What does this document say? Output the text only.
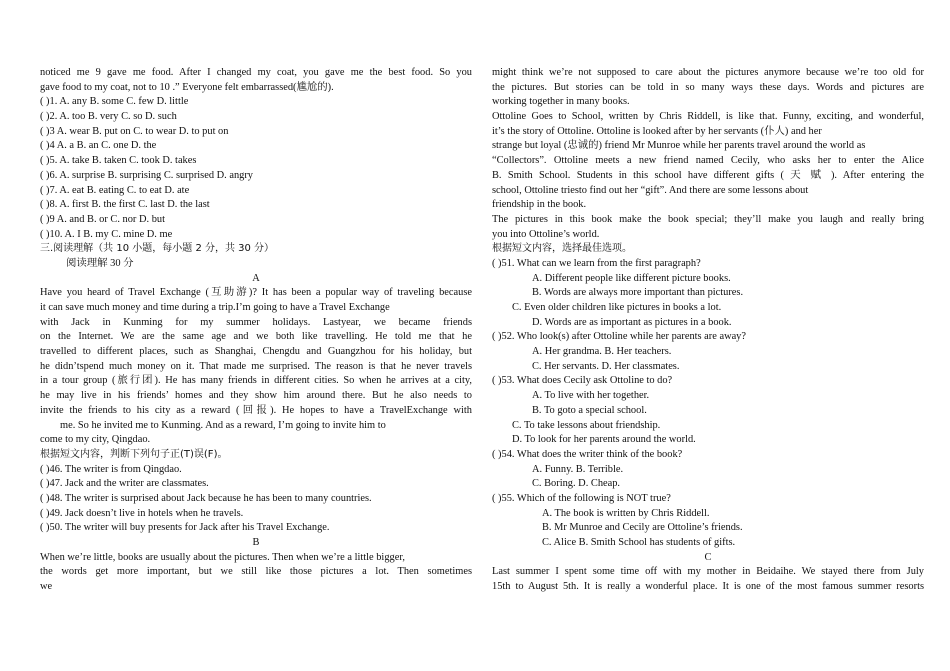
noticed me 9 gave me food. After I changed my coat, you gave me the best food. So you
gave food to my coat, not to 10 .” Everyone felt embarrassed(尴尬的).
( )1. A. any B. some C. few D. little
( )2. A. too B. very C. so D. such
( )3 A. wear B. put on C. to wear D. to put on
( )4 A. a B. an C. one D. the
( )5. A. take B. taken C. took D. takes
( )6. A. surprise B. surprising C. surprised D. angry
( )7. A. eat B. eating C. to eat D. ate
( )8. A. first B. the first C. last D. the last
( )9 A. and B. or C. nor D. but
( )10. A. I B. my C. mine D. me
三.阅读理解（共 10 小题，每小题 2 分，共 30 分）
阅读理解 30 分
A
Have you heard of Travel Exchange (互助游)? It has been a popular way of traveling because
it can save much money and time during a trip.I’m going to have a Travel Exchange
with Jack in Kunming for my summer holidays. Lastyear, we became friends
on the Internet. We are the same age and we both like travelling. He told me that he
travelled to different places, such as Shanghai, Chengdu and Guangzhou for his holiday, but
he didn’tspend much money on it. That made me surprised. The reason is that he never travels
in a tour group (旅行团). He has many friends in different cities. So when he arrives at a city,
he may live in his friends’ homes and they show him around there. But he also needs to
invite the friends to his city as a reward (回报). He hopes to have a TravelExchange with
me. So he invited me to Kunming. And as a reward, I’m going to invite him to
come to my city, Qingdao.
根据短文内容，判断下列句子正(T)误(F)。
( )46. The writer is from Qingdao.
( )47. Jack and the writer are classmates.
( )48. The writer is surprised about Jack because he has been to many countries.
( )49. Jack doesn’t live in hotels when he travels.
( )50. The writer will buy presents for Jack after his Travel Exchange.
B
When we’re little, books are usually about the pictures. Then when we’re a little bigger,
the words get more important, but we still like those pictures a lot. Then sometimes
we
might think we’re not supposed to care about the pictures anymore because we’re too old for
the pictures. But stories can be told in so many ways these days. Words and pictures are
working together in many books.
Ottoline Goes to School, written by Chris Riddell, is like that. Funny, exciting, and wonderful,
it’s the story of Ottoline. Ottoline is looked after by her servants (仆人) and her
strange but loyal (忠诚的) friend Mr Munroe while her parents travel around the world as
“Collectors”. Ottoline meets a new friend named Cecily, who asks her to enter the Alice
B. Smith School. Students in this school have different gifts ( 天 赋 ). After entering the
school, Ottoline triesto find out her “gift”. And there are some lessons about
friendship in the book.
The pictures in this book make the book special; they’ll make you laugh and really bring
you into Ottoline’s world.
根据短文内容，选择最佳选项。
( )51. What can we learn from the first paragraph?
A. Different people like different picture books.
B. Words are always more important than pictures.
C. Even older children like pictures in books a lot.
D. Words are as important as pictures in a book.
( )52. Who look(s) after Ottoline while her parents are away?
A. Her grandma. B. Her teachers.
C. Her servants. D. Her classmates.
( )53. What does Cecily ask Ottoline to do?
A. To live with her together.
B. To goto a special school.
C. To take lessons about friendship.
D. To look for her parents around the world.
( )54. What does the writer think of the book?
A. Funny. B. Terrible.
C. Boring. D. Cheap.
( )55. Which of the following is NOT true?
A. The book is written by Chris Riddell.
B. Mr Munroe and Cecily are Ottoline’s friends.
C. Alice B. Smith School has students of gifts.
C
Last summer I spent some time off with my mother in Beidaihe. We stayed there from July
15th to August 5th. It is really a wonderful place. It is one of the most famous summer resorts
